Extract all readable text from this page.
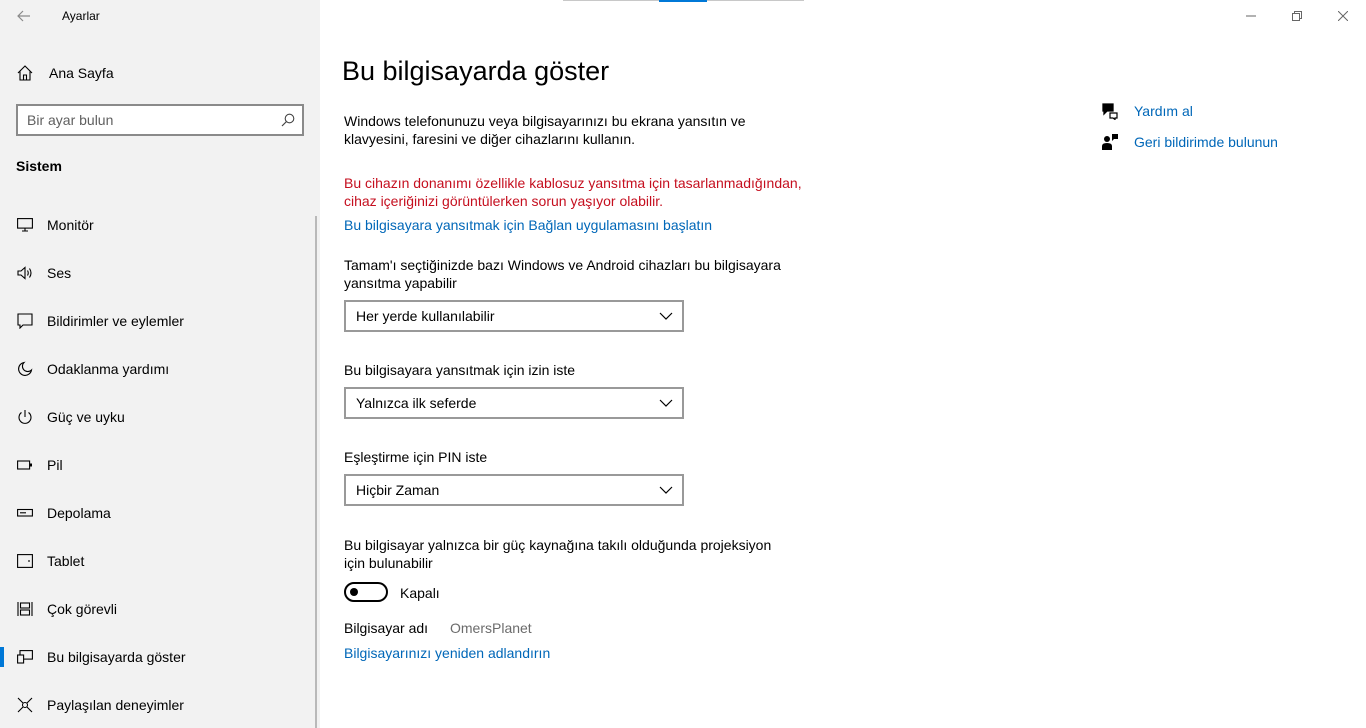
Ayarlar
Ana Sayfa
Bir ayar bulun
Sistem
Monitör
Ses
Bildirimler ve eylemler
Odaklanma yardımı
Güç ve uyku
Pil
Depolama
Tablet
Çok görevli
Bu bilgisayarda göster
Paylaşılan deneyimler
Bu bilgisayarda göster

Windows telefonunuzu veya bilgisayarınızı bu ekrana yansıtın ve klavyesini, faresini ve diğer cihazlarını kullanın.

Bu cihazın donanımı özellikle kablosuz yansıtma için tasarlanmadığından, cihaz içeriğinizi görüntülerken sorun yaşıyor olabilir.

Bu bilgisayara yansıtmak için Bağlan uygulamasını başlatın

Tamam'ı seçtiğinizde bazı Windows ve Android cihazları bu bilgisayara yansıtma yapabilir

Her yerde kullanılabilir

Bu bilgisayara yansıtmak için izin iste

Yalnızca ilk seferde

Eşleştirme için PIN iste

Hiçbir Zaman

Bu bilgisayar yalnızca bir güç kaynağına takılı olduğunda projeksiyon için bulunabilir

Kapalı
Bilgisayar adı OmersPlanet
Bilgisayarınızı yeniden adlandırın
Yardım al
Geri bildirimde bulunun
